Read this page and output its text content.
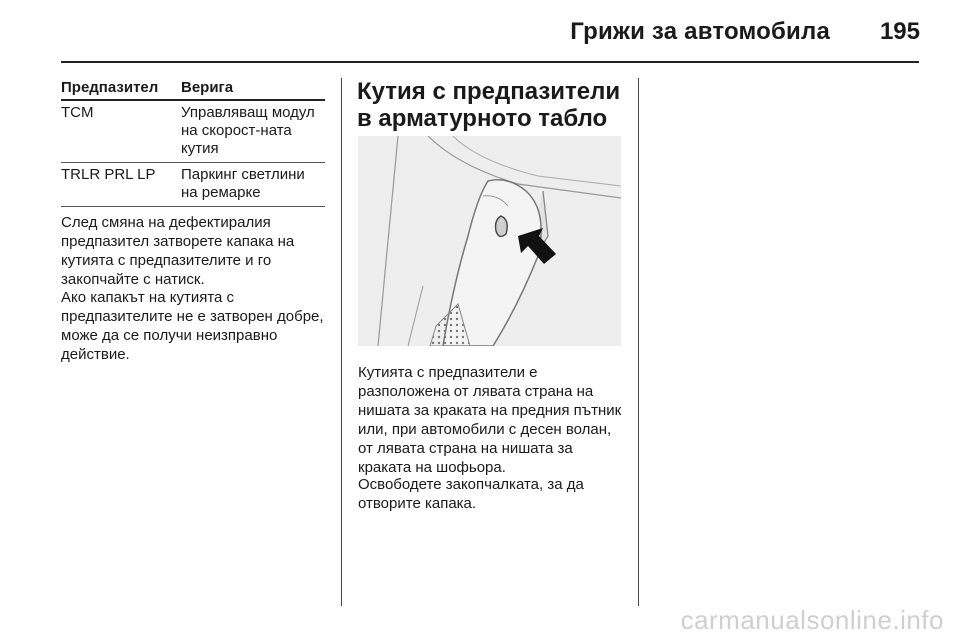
Грижи за автомобила 195
Предпазител	Верига
TCM	Управляващ модул на скорост-ната кутия
TRLR PRL LP	Паркинг светлини на ремарке

След смяна на дефектиралия предпазител затворете капака на кутията с предпазителите и го закопчайте с натиск.

Ако капакът на кутията с предпазителите не е затворен добре, може да се получи неизправно действие.

Кутия с предпазители в арматурното табло

Кутията с предпазители е разположена от лявата страна на нишата за краката на предния пътник или, при автомобили с десен волан, от лявата страна на нишата за краката на шофьора.

Освободете закопчалката, за да отворите капака.

carmanualsonline.info
